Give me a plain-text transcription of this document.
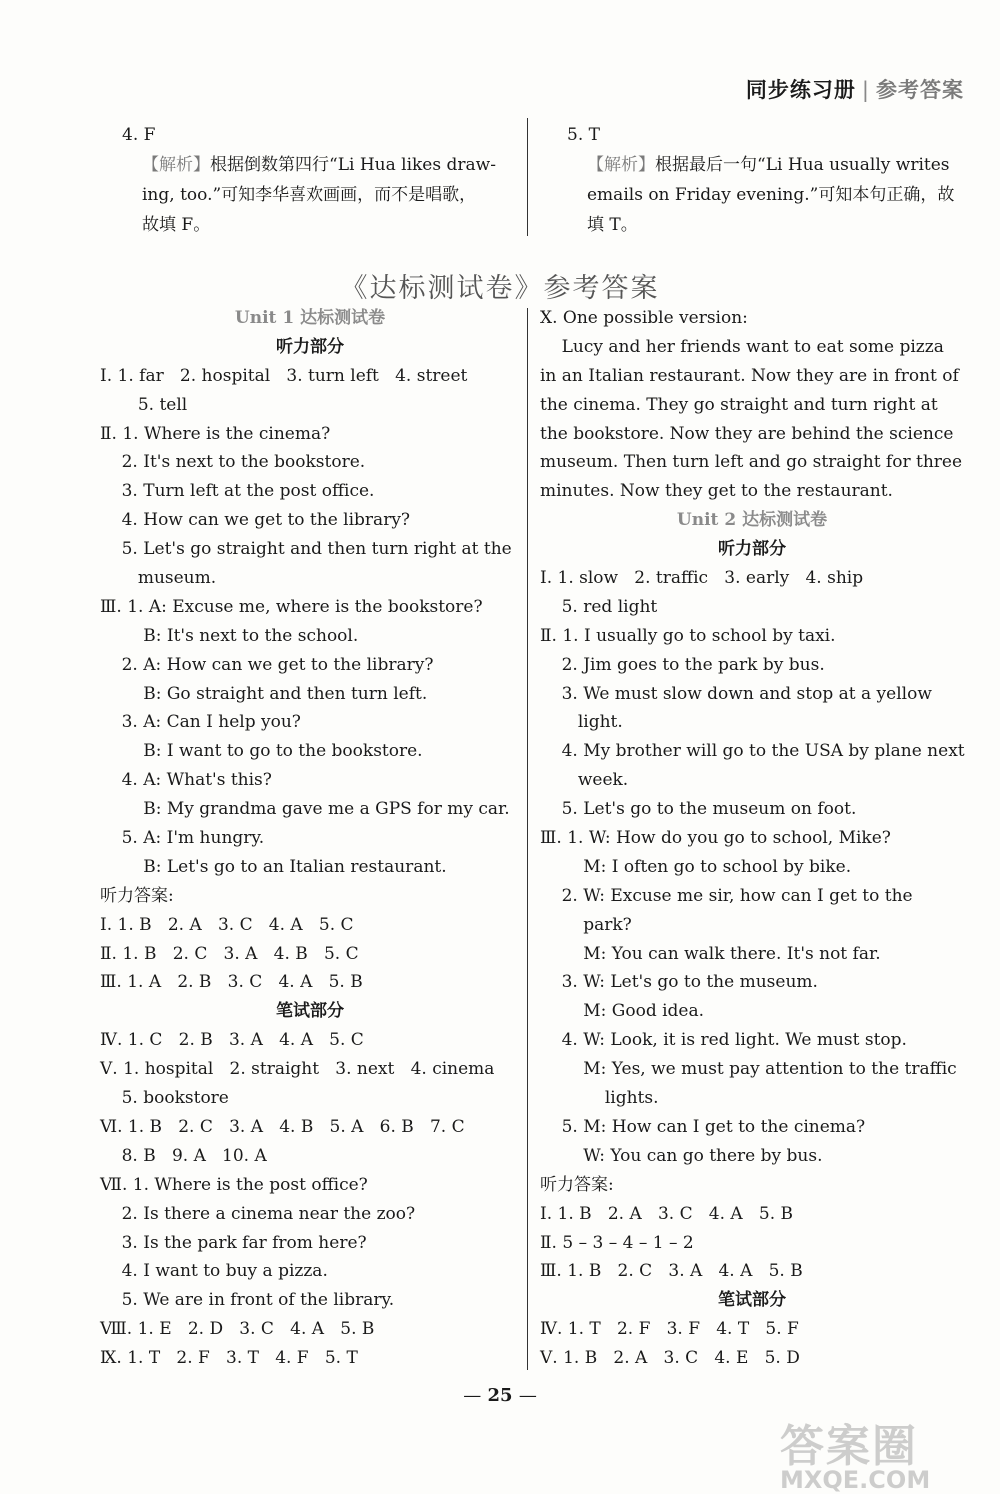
同步练习册 | 参考答案
4. F
【解析】根据倒数第四行“Li Hua likes draw-
ing, too.”可知李华喜欢画画，而不是唱歌，
故填 F。
5. T
【解析】根据最后一句“Li Hua usually writes
emails on Friday evening.”可知本句正确，故
填 T。
《达标测试卷》参考答案
Unit 1 达标测试卷
听力部分
Ⅰ. 1. far   2. hospital   3. turn left   4. street
5. tell
Ⅱ. 1. Where is the cinema?
2. It's next to the bookstore.
3. Turn left at the post office.
4. How can we get to the library?
5. Let's go straight and then turn right at the
museum.
Ⅲ. 1. A: Excuse me, where is the bookstore?
B: It's next to the school.
2. A: How can we get to the library?
B: Go straight and then turn left.
3. A: Can I help you?
B: I want to go to the bookstore.
4. A: What's this?
B: My grandma gave me a GPS for my car.
5. A: I'm hungry.
B: Let's go to an Italian restaurant.
听力答案:
Ⅰ. 1. B   2. A   3. C   4. A   5. C
Ⅱ. 1. B   2. C   3. A   4. B   5. C
Ⅲ. 1. A   2. B   3. C   4. A   5. B
笔试部分
Ⅳ. 1. C   2. B   3. A   4. A   5. C
Ⅴ. 1. hospital   2. straight   3. next   4. cinema
5. bookstore
Ⅵ. 1. B   2. C   3. A   4. B   5. A   6. B   7. C
8. B   9. A   10. A
Ⅶ. 1. Where is the post office?
2. Is there a cinema near the zoo?
3. Is the park far from here?
4. I want to buy a pizza.
5. We are in front of the library.
Ⅷ. 1. E   2. D   3. C   4. A   5. B
Ⅸ. 1. T   2. F   3. T   4. F   5. T
Ⅹ. One possible version:
Lucy and her friends want to eat some pizza
in an Italian restaurant. Now they are in front of
the cinema. They go straight and turn right at
the bookstore. Now they are behind the science
museum. Then turn left and go straight for three
minutes. Now they get to the restaurant.
Unit 2 达标测试卷
听力部分
Ⅰ. 1. slow   2. traffic   3. early   4. ship
5. red light
Ⅱ. 1. I usually go to school by taxi.
2. Jim goes to the park by bus.
3. We must slow down and stop at a yellow
light.
4. My brother will go to the USA by plane next
week.
5. Let's go to the museum on foot.
Ⅲ. 1. W: How do you go to school, Mike?
M: I often go to school by bike.
2. W: Excuse me sir, how can I get to the
park?
M: You can walk there. It's not far.
3. W: Let's go to the museum.
M: Good idea.
4. W: Look, it is red light. We must stop.
M: Yes, we must pay attention to the traffic
lights.
5. M: How can I get to the cinema?
W: You can go there by bus.
听力答案:
Ⅰ. 1. B   2. A   3. C   4. A   5. B
Ⅱ. 5 – 3 – 4 – 1 – 2
Ⅲ. 1. B   2. C   3. A   4. A   5. B
笔试部分
Ⅳ. 1. T   2. F   3. F   4. T   5. F
Ⅴ. 1. B   2. A   3. C   4. E   5. D
— 25 —
答案圈
MXQE.COM
